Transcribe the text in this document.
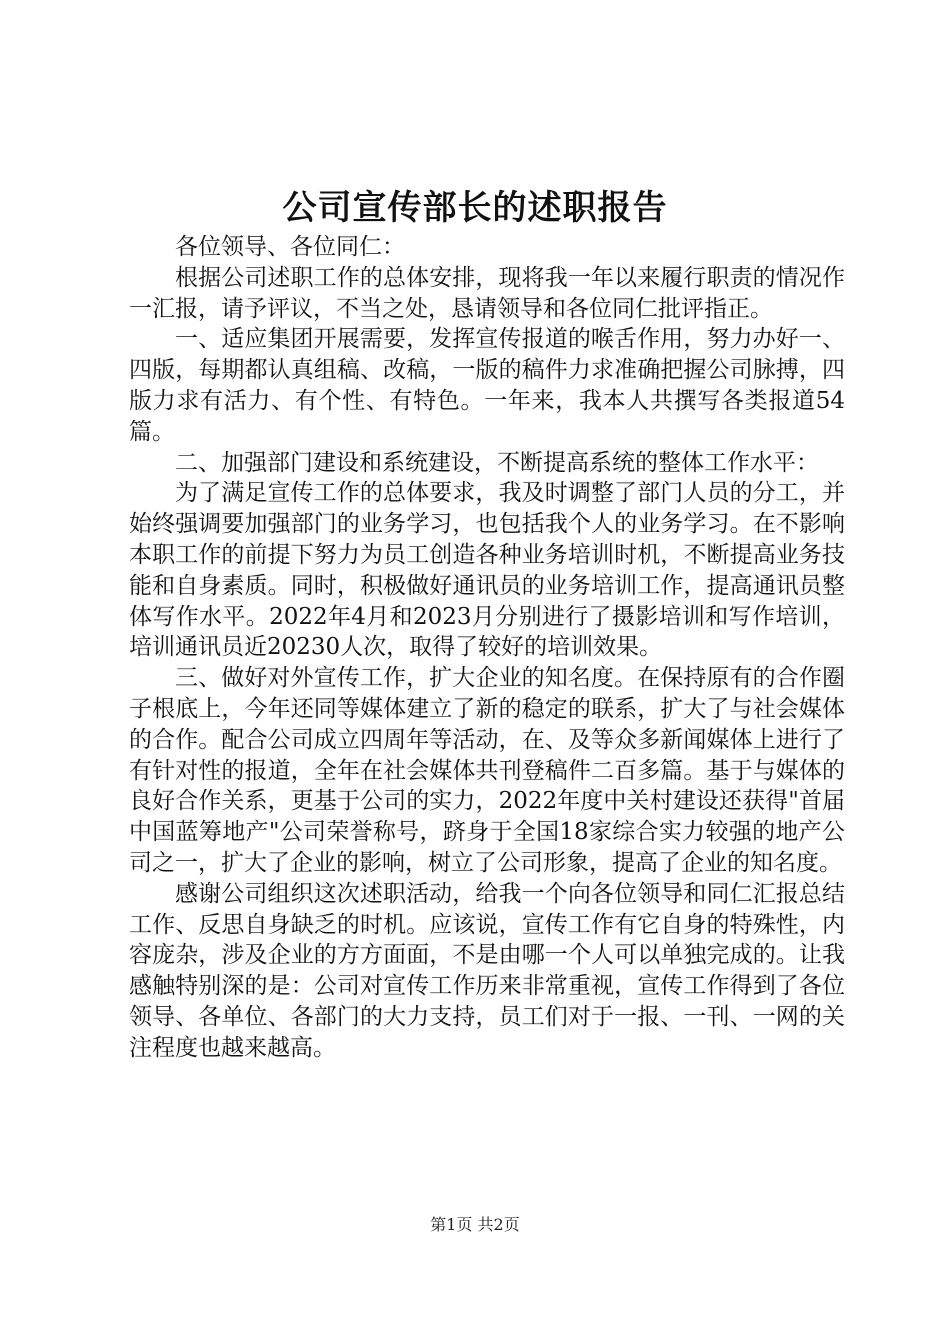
公司宣传部长的述职报告

各位领导、各位同仁：

根据公司述职工作的总体安排，现将我一年以来履行职责的情况作一汇报，请予评议，不当之处，恳请领导和各位同仁批评指正。

一、适应集团开展需要，发挥宣传报道的喉舌作用，努力办好一、四版，每期都认真组稿、改稿，一版的稿件力求准确把握公司脉搏，四版力求有活力、有个性、有特色。一年来，我本人共撰写各类报道54篇。

二、加强部门建设和系统建设，不断提高系统的整体工作水平：

为了满足宣传工作的总体要求，我及时调整了部门人员的分工，并始终强调要加强部门的业务学习，也包括我个人的业务学习。在不影响本职工作的前提下努力为员工创造各种业务培训时机，不断提高业务技能和自身素质。同时，积极做好通讯员的业务培训工作，提高通讯员整体写作水平。2022年4月和2023月分别进行了摄影培训和写作培训，培训通讯员近20230人次，取得了较好的培训效果。

三、做好对外宣传工作，扩大企业的知名度。在保持原有的合作圈子根底上，今年还同等媒体建立了新的稳定的联系，扩大了与社会媒体的合作。配合公司成立四周年等活动，在、及等众多新闻媒体上进行了有针对性的报道，全年在社会媒体共刊登稿件二百多篇。基于与媒体的良好合作关系，更基于公司的实力，2022年度中关村建设还获得"首届中国蓝筹地产"公司荣誉称号，跻身于全国18家综合实力较强的地产公司之一，扩大了企业的影响，树立了公司形象，提高了企业的知名度。

感谢公司组织这次述职活动，给我一个向各位领导和同仁汇报总结工作、反思自身缺乏的时机。应该说，宣传工作有它自身的特殊性，内容庞杂，涉及企业的方方面面，不是由哪一个人可以单独完成的。让我感触特别深的是：公司对宣传工作历来非常重视，宣传工作得到了各位领导、各单位、各部门的大力支持，员工们对于一报、一刊、一网的关注程度也越来越高。

第1页 共2页
